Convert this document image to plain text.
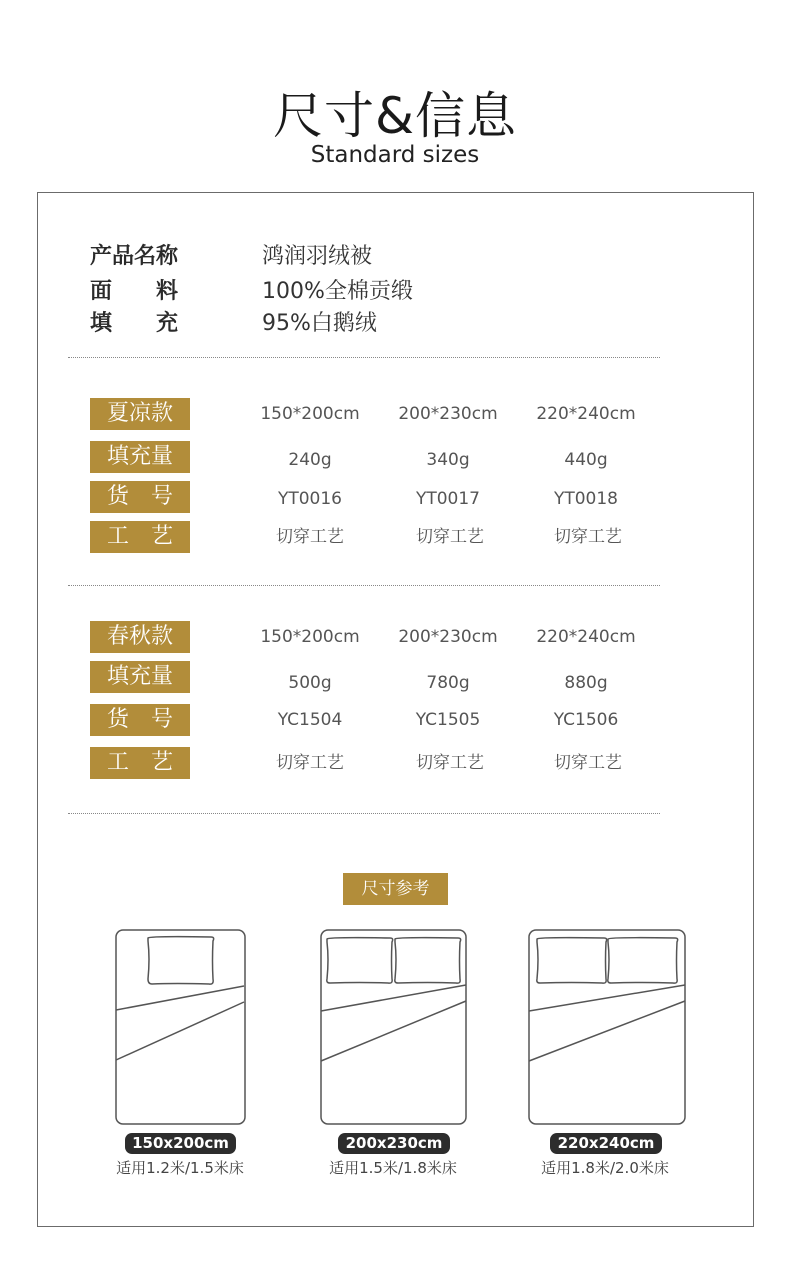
尺寸&信息
Standard sizes
产品名称	鸿润羽绒被
面　　料	100%全棉贡缎
填　　充	95%白鹅绒
夏凉款	150*200cm	200*230cm	220*240cm
填充量	240g	340g	440g
货　号	YT0016	YT0017	YT0018
工　艺	切穿工艺	切穿工艺	切穿工艺
春秋款	150*200cm	200*230cm	220*240cm
填充量	500g	780g	880g
货　号	YC1504	YC1505	YC1506
工　艺	切穿工艺	切穿工艺	切穿工艺
尺寸参考
150x200cm	200x230cm	220x240cm
适用1.2米/1.5米床	适用1.5米/1.8米床	适用1.8米/2.0米床
